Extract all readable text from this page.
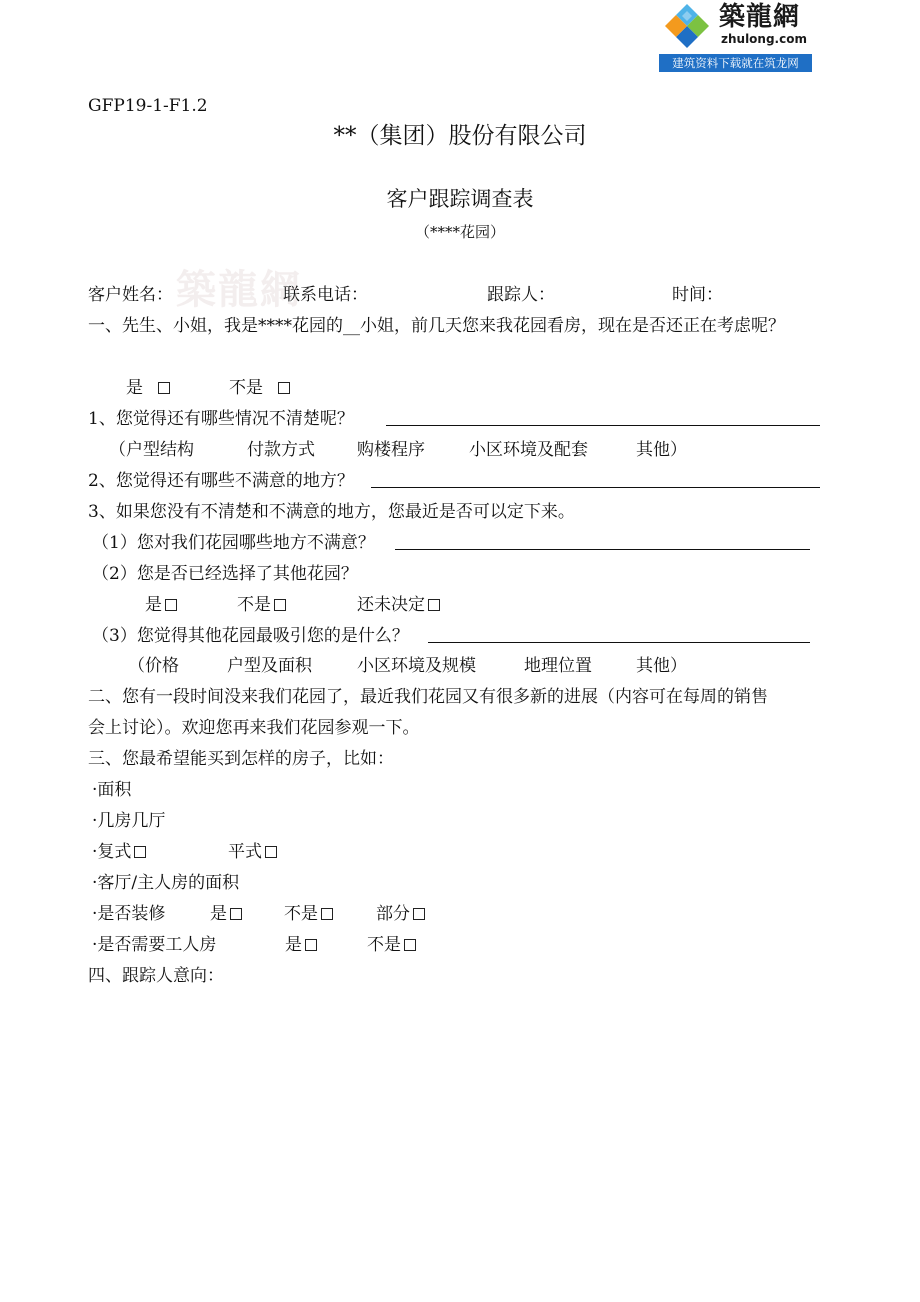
築龍網
zhulong.com
建筑资料下载就在筑龙网
築龍網
GFP19-1-F1.2
**（集团）股份有限公司
客户跟踪调查表
（****花园）
客户姓名：	联系电话：	跟踪人：	时间：
一、先生、小姐，我是****花园的__小姐，前几天您来我花园看房，现在是否还正在考虑呢？
是	不是
1、您觉得还有哪些情况不清楚呢？
（户型结构	付款方式 购楼程序	小区环境及配套	其他）
2、您觉得还有哪些不满意的地方？
3、如果您没有不清楚和不满意的地方，您最近是否可以定下来。
（1）您对我们花园哪些地方不满意？
（2）您是否已经选择了其他花园？
是	不是	还未决定
（3）您觉得其他花园最吸引您的是什么？
（价格	户型及面积	小区环境及规模	地理位置	其他）
二、您有一段时间没来我们花园了，最近我们花园又有很多新的进展（内容可在每周的销售
会上讨论）。欢迎您再来我们花园参观一下。
三、您最希望能买到怎样的房子，比如：
·面积
·几房几厅
·复式	平式
·客厅/主人房的面积
·是否装修	是	不是	部分
·是否需要工人房	是	不是
四、跟踪人意向：
